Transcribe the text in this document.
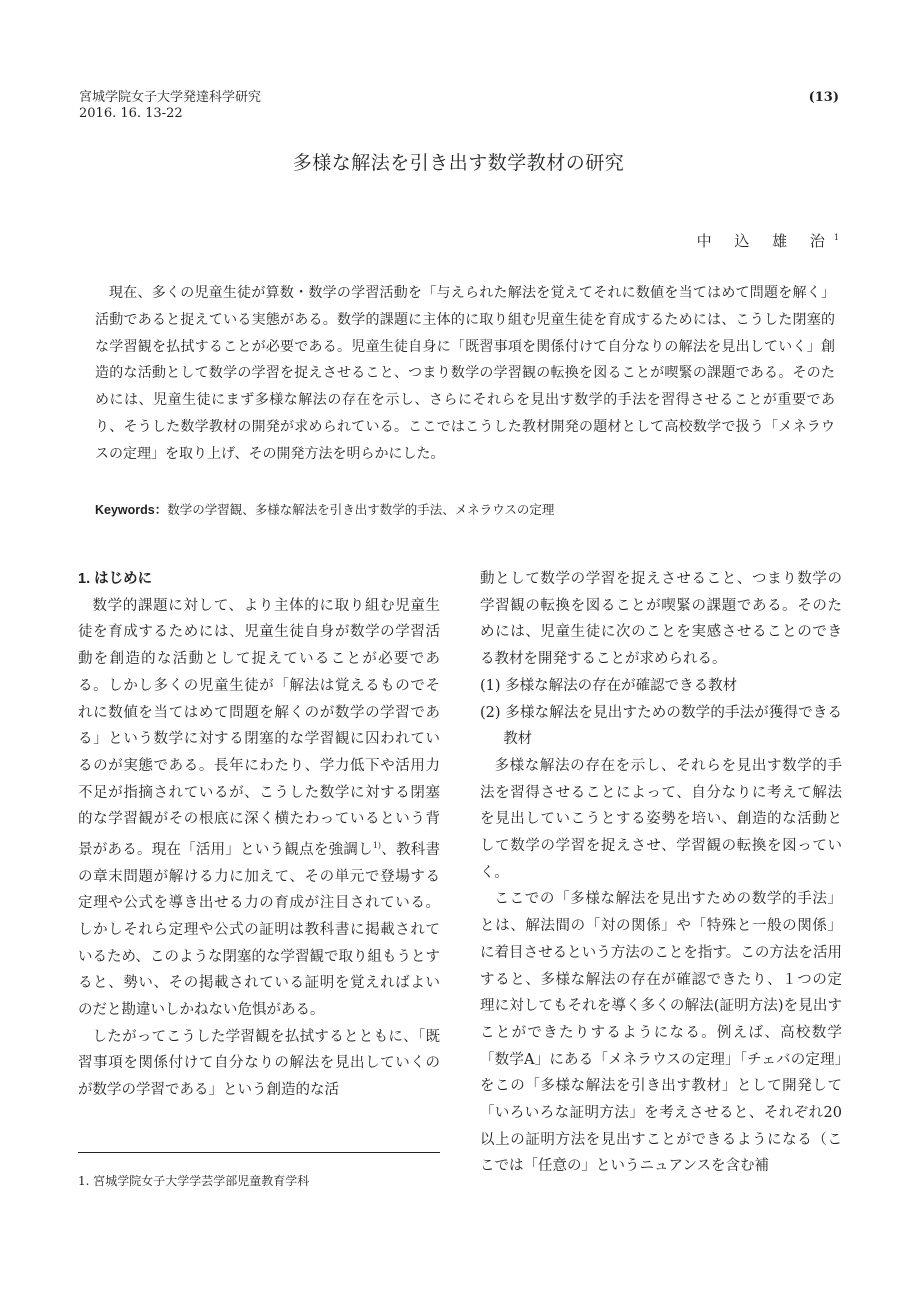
宮城学院女子大学発達科学研究
2016. 16. 13-22
(13)
多様な解法を引き出す数学教材の研究
中 込 雄 治$^1$

現在、多くの児童生徒が算数・数学の学習活動を「与えられた解法を覚えてそれに数値を当てはめて問題を解く」活動であると捉えている実態がある。数学的課題に主体的に取り組む児童生徒を育成するためには、こうした閉塞的な学習観を払拭することが必要である。児童生徒自身に「既習事項を関係付けて自分なりの解法を見出していく」創造的な活動として数学の学習を捉えさせること、つまり数学の学習観の転換を図ることが喫緊の課題である。そのためには、児童生徒にまず多様な解法の存在を示し、さらにそれらを見出す数学的手法を習得させることが重要であり、そうした数学教材の開発が求められている。ここではこうした教材開発の題材として高校数学で扱う「メネラウスの定理」を取り上げ、その開発方法を明らかにした。

Keywords：数学の学習観、多様な解法を引き出す数学的手法、メネラウスの定理

1. はじめに

数学的課題に対して、より主体的に取り組む児童生徒を育成するためには、児童生徒自身が数学の学習活動を創造的な活動として捉えていることが必要である。しかし多くの児童生徒が「解法は覚えるものでそれに数値を当てはめて問題を解くのが数学の学習である」という数学に対する閉塞的な学習観に囚われているのが実態である。長年にわたり、学力低下や活用力不足が指摘されているが、こうした数学に対する閉塞的な学習観がその根底に深く横たわっているという背景がある。現在「活用」という観点を強調し$^{1)}$、教科書の章末問題が解ける力に加えて、その単元で登場する定理や公式を導き出せる力の育成が注目されている。しかしそれら定理や公式の証明は教科書に掲載されているため、このような閉塞的な学習観で取り組もうとすると、勢い、その掲載されている証明を覚えればよいのだと勘違いしかねない危惧がある。

したがってこうした学習観を払拭するとともに、「既習事項を関係付けて自分なりの解法を見出していくのが数学の学習である」という創造的な活

動として数学の学習を捉えさせること、つまり数学の学習観の転換を図ることが喫緊の課題である。そのためには、児童生徒に次のことを実感させることのできる教材を開発することが求められる。

(1) 多様な解法の存在が確認できる教材

(2) 多様な解法を見出すための数学的手法が獲得できる教材

多様な解法の存在を示し、それらを見出す数学的手法を習得させることによって、自分なりに考えて解法を見出していこうとする姿勢を培い、創造的な活動として数学の学習を捉えさせ、学習観の転換を図っていく。

ここでの「多様な解法を見出すための数学的手法」とは、解法間の「対の関係」や「特殊と一般の関係」に着目させるという方法のことを指す。この方法を活用すると、多様な解法の存在が確認できたり、１つの定理に対してもそれを導く多くの解法(証明方法)を見出すことができたりするようになる。例えば、高校数学「数学A」にある「メネラウスの定理」「チェバの定理」をこの「多様な解法を引き出す教材」として開発して「いろいろな証明方法」を考えさせると、それぞれ20以上の証明方法を見出すことができるようになる（ここでは「任意の」というニュアンスを含む補

1. 宮城学院女子大学学芸学部児童教育学科
